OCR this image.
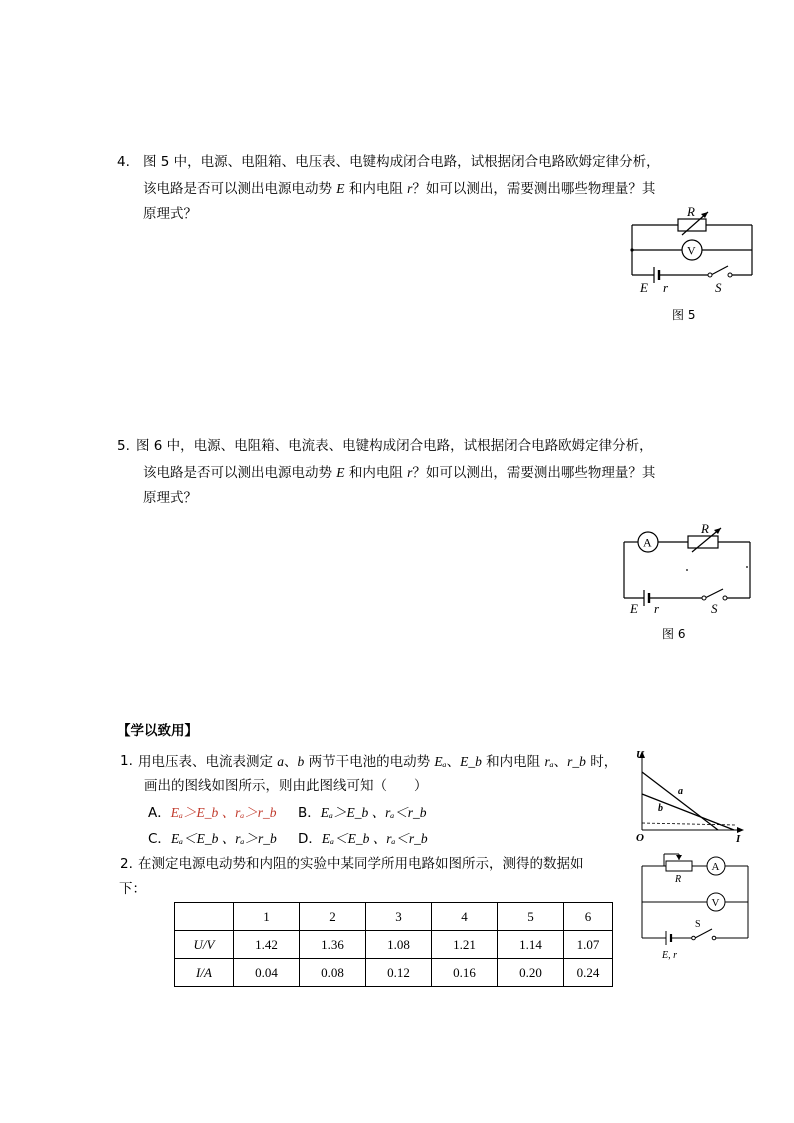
4. 图 5 中，电源、电阻箱、电压表、电键构成闭合电路，试根据闭合电路欧姆定律分析，
该电路是否可以测出电源电动势 E 和内电阻 r？如可以测出，需要测出哪些物理量？其
原理式？	R
V
E r	S
图 5
5. 图 6 中，电源、电阻箱、电流表、电键构成闭合电路，试根据闭合电路欧姆定律分析，
该电路是否可以测出电源电动势 E 和内电阻 r？如可以测出，需要测出哪些物理量？其
原理式？
A
R
E r	S
图 6
【学以致用】
1. 用电压表、电流表测定 a、b 两节干电池的电动势 Eₐ、E_b 和内电阻 rₐ、r_b 时，
画出的图线如图所示，则由此图线可知（　　）
A．Eₐ＞E_b 、rₐ＞r_b B．Eₐ＞E_b 、rₐ＜r_b
C．Eₐ＜E_b 、rₐ＞r_b D．Eₐ＜E_b 、rₐ＜r_b
U
I
O
a
b
2. 在测定电源电动势和内阻的实验中某同学所用电路如图所示，测得的数据如
下：
	1	2	3	4	5	6
U/V	1.42	1.36	1.08	1.21	1.14	1.07
I/A	0.04	0.08	0.12	0.16	0.20	0.24
R
A
V
S
E, r
